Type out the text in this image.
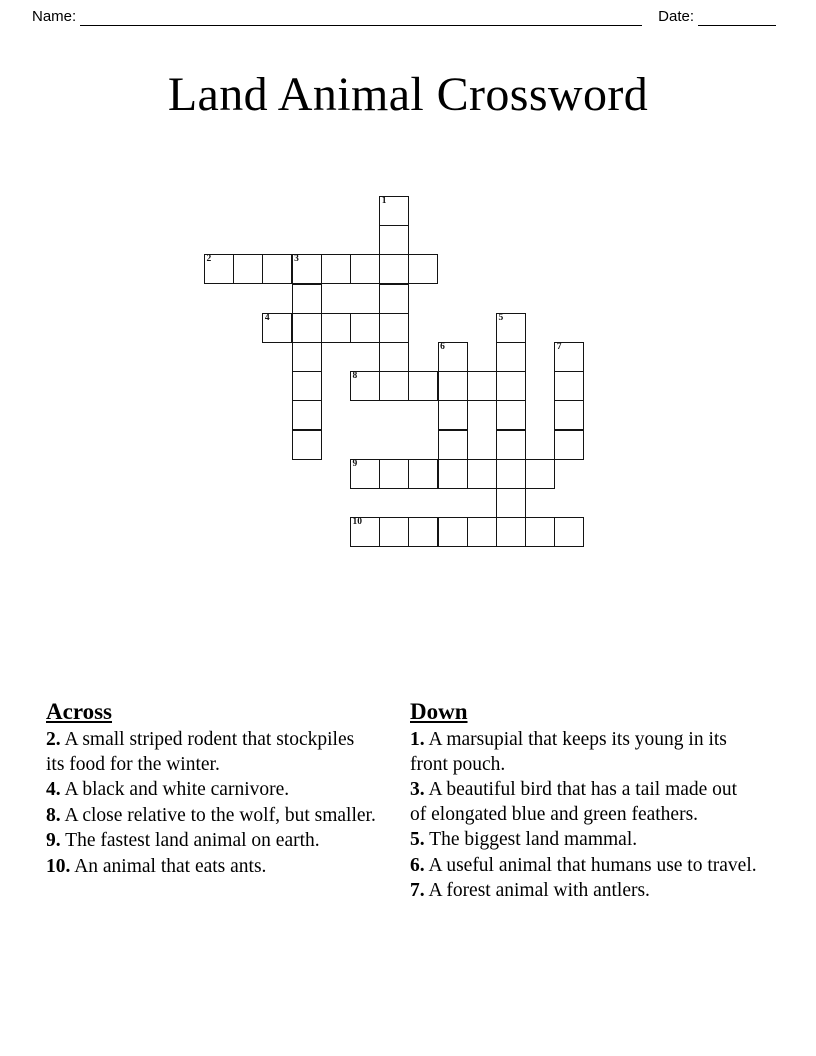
Name:	Date:
Land Animal Crossword
1
2	3
4	5
6	7
8
9
10
Across

2. A small striped rodent that stockpiles its food for the winter.

4. A black and white carnivore.

8. A close relative to the wolf, but smaller.

9. The fastest land animal on earth.

10. An animal that eats ants.

Down

1. A marsupial that keeps its young in its front pouch.

3. A beautiful bird that has a tail made out of elongated blue and green feathers.

5. The biggest land mammal.

6. A useful animal that humans use to travel.

7. A forest animal with antlers.
